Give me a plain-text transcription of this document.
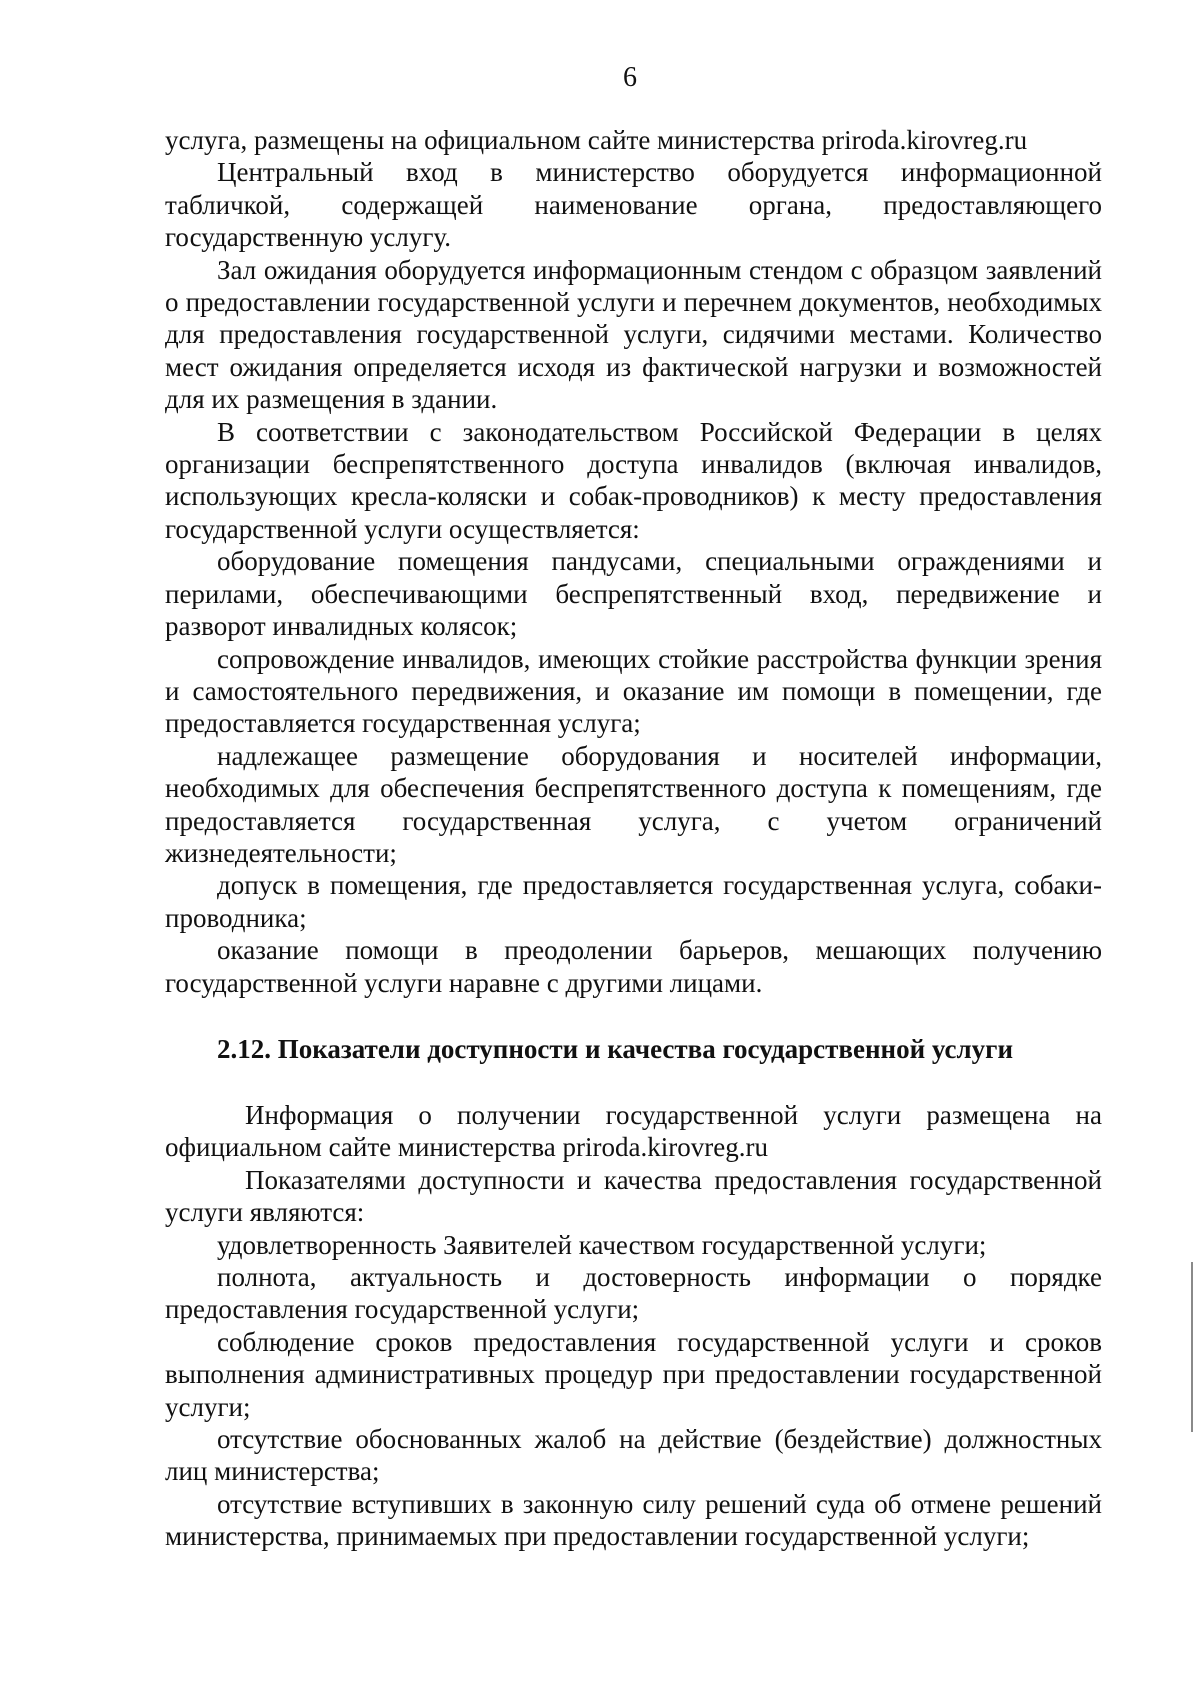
6

услуга, размещены на официальном сайте министерства priroda.kirovreg.ru

Центральный вход в министерство оборудуется информационной табличкой, содержащей наименование органа, предоставляющего государственную услугу.

Зал ожидания оборудуется информационным стендом с образцом заявлений о предоставлении государственной услуги и перечнем документов, необходимых для предоставления государственной услуги, сидячими местами. Количество мест ожидания определяется исходя из фактической нагрузки и возможностей для их размещения в здании.

В соответствии с законодательством Российской Федерации в целях организации беспрепятственного доступа инвалидов (включая инвалидов, использующих кресла-коляски и собак-проводников) к месту предоставления государственной услуги осуществляется:

оборудование помещения пандусами, специальными ограждениями и перилами, обеспечивающими беспрепятственный вход, передвижение и разворот инвалидных колясок;

сопровождение инвалидов, имеющих стойкие расстройства функции зрения и самостоятельного передвижения, и оказание им помощи в помещении, где предоставляется государственная услуга;

надлежащее размещение оборудования и носителей информации, необходимых для обеспечения беспрепятственного доступа к помещениям, где предоставляется государственная услуга, с учетом ограничений жизнедеятельности;

допуск в помещения, где предоставляется государственная услуга, собаки-проводника;

оказание помощи в преодолении барьеров, мешающих получению государственной услуги наравне с другими лицами.

2.12. Показатели доступности и качества государственной услуги

Информация о получении государственной услуги размещена на официальном сайте министерства priroda.kirovreg.ru

Показателями доступности и качества предоставления государственной услуги являются:

удовлетворенность Заявителей качеством государственной услуги;

полнота, актуальность и достоверность информации о порядке предоставления государственной услуги;

соблюдение сроков предоставления государственной услуги и сроков выполнения административных процедур при предоставлении государственной услуги;

отсутствие обоснованных жалоб на действие (бездействие) должностных лиц министерства;

отсутствие вступивших в законную силу решений суда об отмене решений министерства, принимаемых при предоставлении государственной услуги;
